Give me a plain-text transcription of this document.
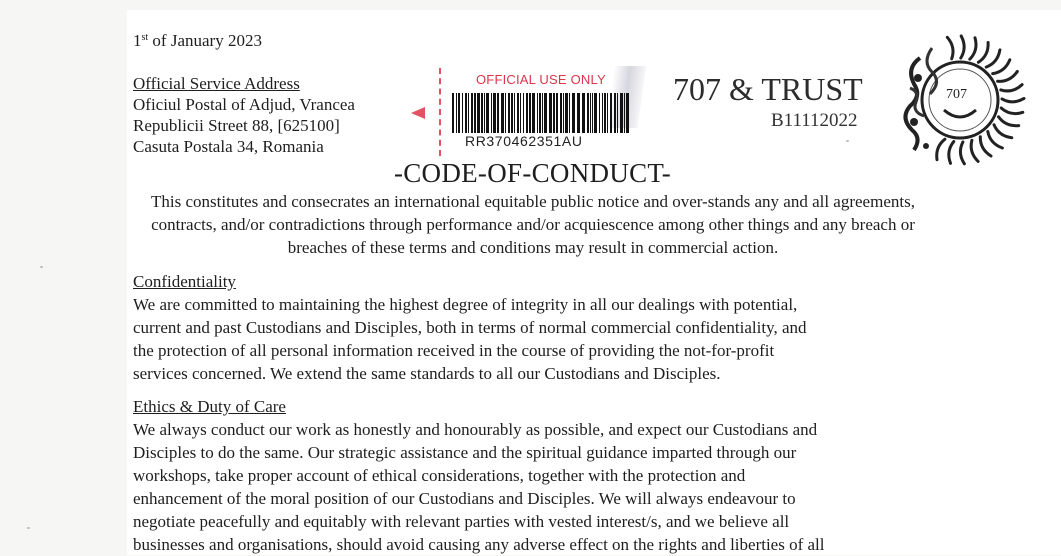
1st of January 2023
Official Service Address
Oficiul Postal of Adjud, Vrancea
Republicii Street 88, [625100]
Casuta Postala 34, Romania
OFFICIAL USE ONLY
RR370462351AU
707 & TRUST
B11112022
707
-CODE-OF-CONDUCT-
This constitutes and consecrates an international equitable public notice and over-stands any and all agreements, contracts, and/or contradictions through performance and/or acquiescence among other things and any breach or breaches of these terms and conditions may result in commercial action.
Confidentiality
We are committed to maintaining the highest degree of integrity in all our dealings with potential,
current and past Custodians and Disciples, both in terms of normal commercial confidentiality, and
the protection of all personal information received in the course of providing the not-for-profit
services concerned. We extend the same standards to all our Custodians and Disciples.
Ethics & Duty of Care
We always conduct our work as honestly and honourably as possible, and expect our Custodians and
Disciples to do the same. Our strategic assistance and the spiritual guidance imparted through our
workshops, take proper account of ethical considerations, together with the protection and
enhancement of the moral position of our Custodians and Disciples. We will always endeavour to
negotiate peacefully and equitably with relevant parties with vested interest/s, and we believe all
businesses and organisations, should avoid causing any adverse effect on the rights and liberties of all
